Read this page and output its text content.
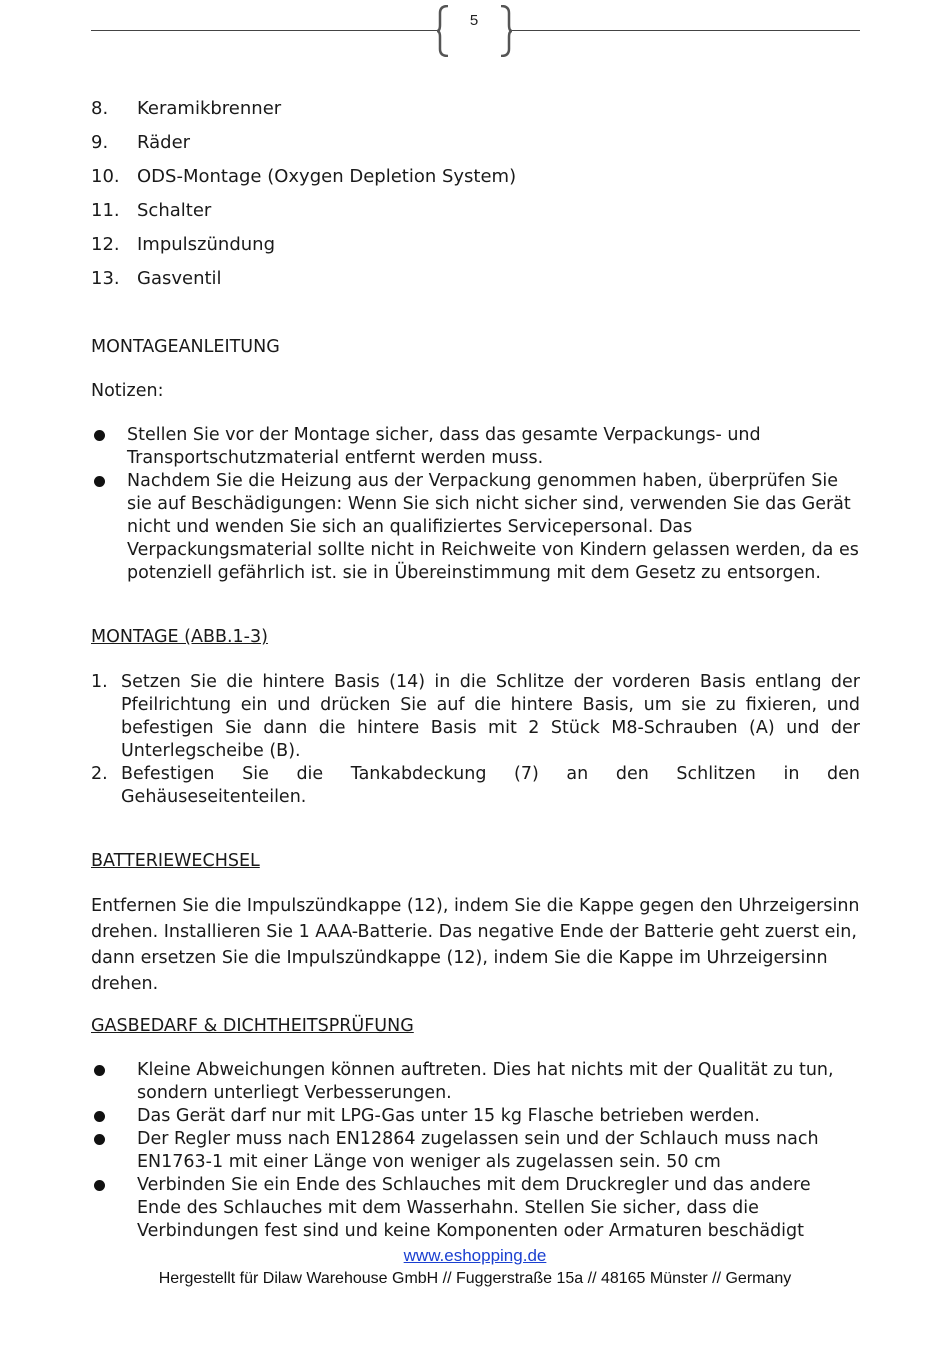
5
8.	Keramikbrenner
9.	Räder
10. ODS-Montage (Oxygen Depletion System)
11. Schalter
12. Impulszündung
13. Gasventil
MONTAGEANLEITUNG
Notizen:
Stellen Sie vor der Montage sicher, dass das gesamte Verpackungs- und Transportschutzmaterial entfernt werden muss.
Nachdem Sie die Heizung aus der Verpackung genommen haben, überprüfen Sie sie auf Beschädigungen: Wenn Sie sich nicht sicher sind, verwenden Sie das Gerät nicht und wenden Sie sich an qualifiziertes Servicepersonal. Das Verpackungsmaterial sollte nicht in Reichweite von Kindern gelassen werden, da es potenziell gefährlich ist. sie in Übereinstimmung mit dem Gesetz zu entsorgen.
MONTAGE (ABB.1-3)
1. Setzen Sie die hintere Basis (14) in die Schlitze der vorderen Basis entlang der Pfeilrichtung ein und drücken Sie auf die hintere Basis, um sie zu fixieren, und befestigen Sie dann die hintere Basis mit 2 Stück M8-Schrauben (A) und der Unterlegscheibe (B).
2. Befestigen Sie die Tankabdeckung (7) an den Schlitzen in den
Gehäuseseitenteilen.
BATTERIEWECHSEL
Entfernen Sie die Impulszündkappe (12), indem Sie die Kappe gegen den Uhrzeigersinn drehen. Installieren Sie 1 AAA-Batterie. Das negative Ende der Batterie geht zuerst ein, dann ersetzen Sie die Impulszündkappe (12), indem Sie die Kappe im Uhrzeigersinn drehen.
GASBEDARF & DICHTHEITSPRÜFUNG
Kleine Abweichungen können auftreten. Dies hat nichts mit der Qualität zu tun, sondern unterliegt Verbesserungen.
Das Gerät darf nur mit LPG-Gas unter 15 kg Flasche betrieben werden.
Der Regler muss nach EN12864 zugelassen sein und der Schlauch muss nach EN1763-1 mit einer Länge von weniger als zugelassen sein. 50 cm
Verbinden Sie ein Ende des Schlauches mit dem Druckregler und das andere Ende des Schlauches mit dem Wasserhahn. Stellen Sie sicher, dass die Verbindungen fest sind und keine Komponenten oder Armaturen beschädigt
www.eshopping.de
Hergestellt für Dilaw Warehouse GmbH // Fuggerstraße 15a // 48165 Münster // Germany
